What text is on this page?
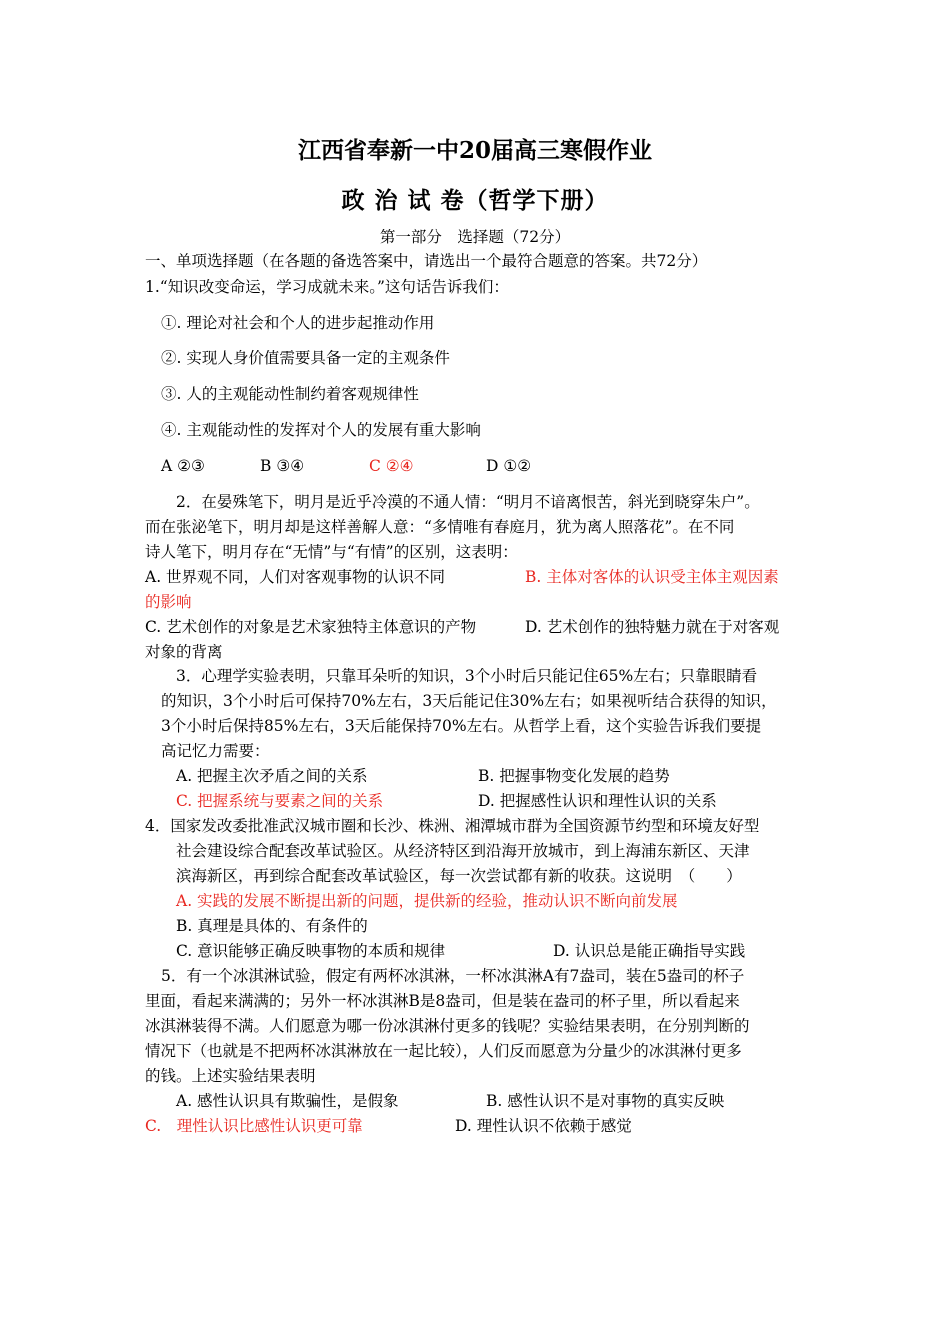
江西省奉新一中20届高三寒假作业
政 治 试 卷（哲学下册）
第一部分　选择题（72分）
一、单项选择题（在各题的备选答案中，请选出一个最符合题意的答案。共72分）
1.“知识改变命运，学习成就未来。”这句话告诉我们：
①. 理论对社会和个人的进步起推动作用
②. 实现人身价值需要具备一定的主观条件
③. 人的主观能动性制约着客观规律性
④. 主观能动性的发挥对个人的发展有重大影响
A ②③	B ③④	C ②④	D ①②
2．在晏殊笔下，明月是近乎冷漠的不通人情：“明月不谙离恨苦，斜光到晓穿朱户”。
而在张泌笔下，明月却是这样善解人意：“多情唯有春庭月，犹为离人照落花”。在不同
诗人笔下，明月存在“无情”与“有情”的区别，这表明：
A. 世界观不同，人们对客观事物的认识不同	B. 主体对客体的认识受主体主观因素
的影响
C. 艺术创作的对象是艺术家独特主体意识的产物	D. 艺术创作的独特魅力就在于对客观
对象的背离
3．心理学实验表明，只靠耳朵听的知识，3个小时后只能记住65%左右；只靠眼睛看
的知识，3个小时后可保持70%左右，3天后能记住30%左右；如果视听结合获得的知识，
3个小时后保持85%左右，3天后能保持70%左右。从哲学上看，这个实验告诉我们要提
高记忆力需要：
A. 把握主次矛盾之间的关系	B. 把握事物变化发展的趋势
C. 把握系统与要素之间的关系	D. 把握感性认识和理性认识的关系
4．国家发改委批准武汉城市圈和长沙、株洲、湘潭城市群为全国资源节约型和环境友好型
社会建设综合配套改革试验区。从经济特区到沿海开放城市，到上海浦东新区、天津
滨海新区，再到综合配套改革试验区，每一次尝试都有新的收获。这说明　（　　）
A. 实践的发展不断提出新的问题，提供新的经验，推动认识不断向前发展
B. 真理是具体的、有条件的
C. 意识能够正确反映事物的本质和规律	D. 认识总是能正确指导实践
5．有一个冰淇淋试验，假定有两杯冰淇淋，一杯冰淇淋A有7盎司，装在5盎司的杯子
里面，看起来满满的；另外一杯冰淇淋B是8盎司，但是装在盎司的杯子里，所以看起来
冰淇淋装得不满。人们愿意为哪一份冰淇淋付更多的钱呢？实验结果表明，在分别判断的
情况下（也就是不把两杯冰淇淋放在一起比较），人们反而愿意为分量少的冰淇淋付更多
的钱。上述实验结果表明
A. 感性认识具有欺骗性，是假象	B. 感性认识不是对事物的真实反映
C.　理性认识比感性认识更可靠	D. 理性认识不依赖于感觉
